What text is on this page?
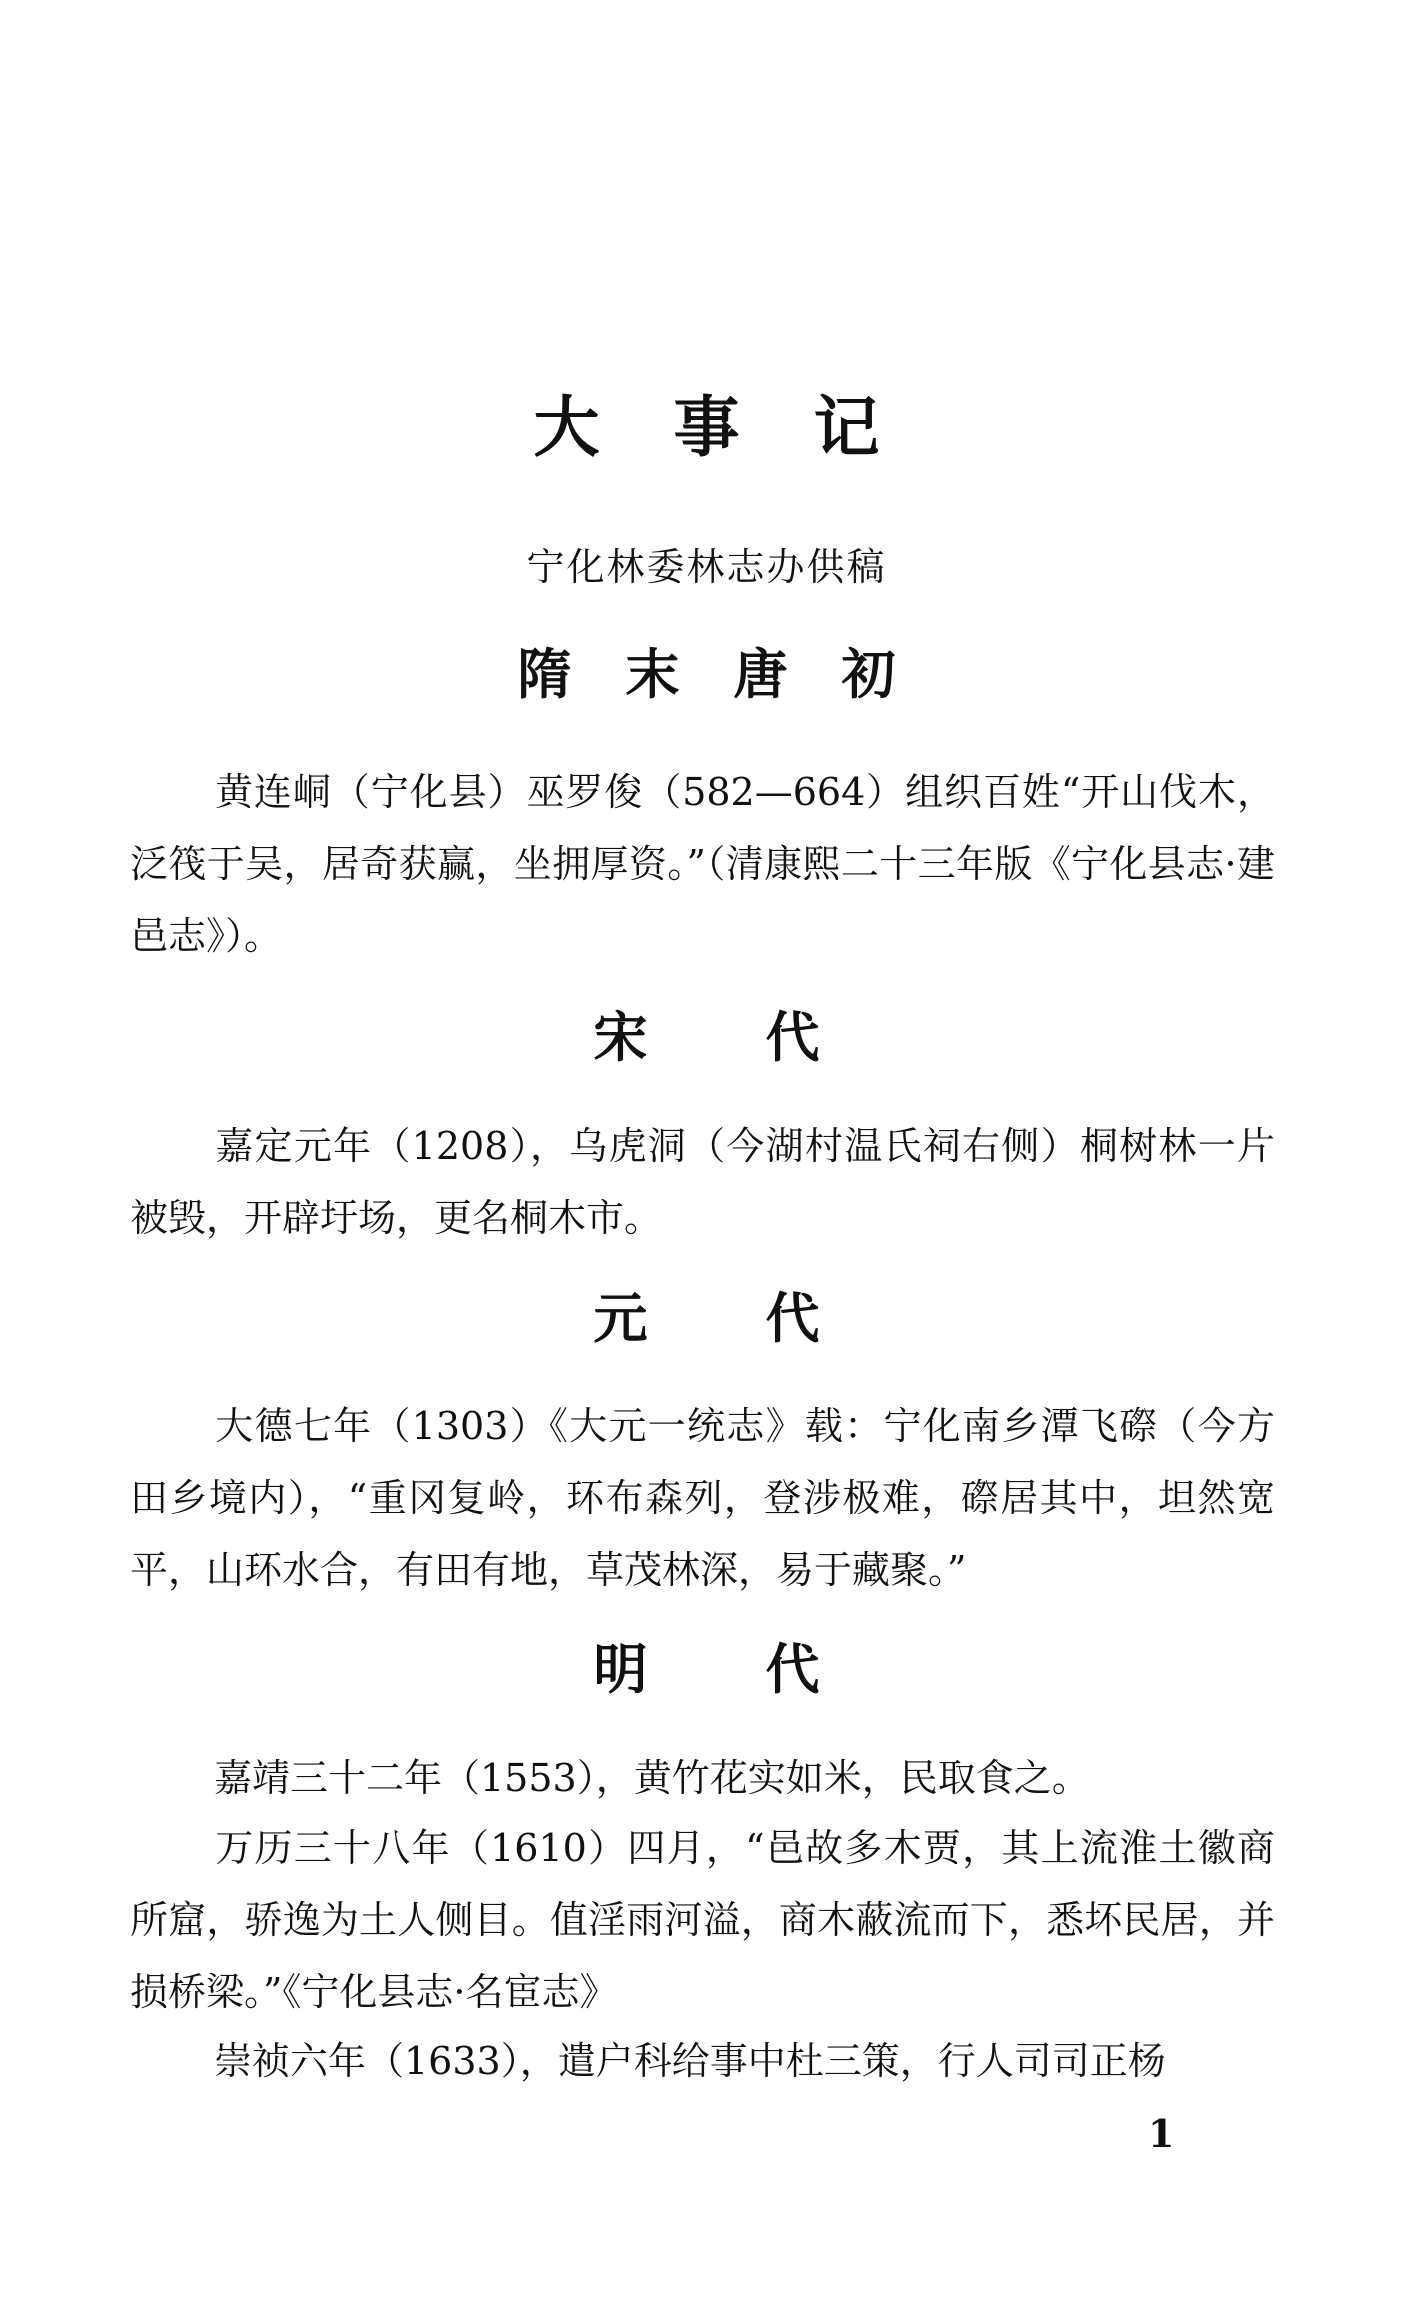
大事记
宁化林委林志办供稿
隋末唐初

黄连峒（宁化县）巫罗俊（582—664）组织百姓“开山伐木，泛筏于吴，居奇获赢，坐拥厚资。”（清康熙二十三年版《宁化县志·建邑志》）。

宋代

嘉定元年（1208），乌虎洞（今湖村温氏祠右侧）桐树林一片被毁，开辟圩场，更名桐木市。

元代

大德七年（1303）《大元一统志》载：宁化南乡潭飞磜（今方田乡境内），“重冈复岭，环布森列，登涉极难，磜居其中，坦然宽平，山环水合，有田有地，草茂林深，易于藏聚。”

明代

嘉靖三十二年（1553），黄竹花实如米，民取食之。

万历三十八年（1610）四月，“邑故多木贾，其上流淮土徽商所窟，骄逸为土人侧目。值淫雨河溢，商木蔽流而下，悉坏民居，并损桥梁。”《宁化县志·名宦志》

崇祯六年（1633），遣户科给事中杜三策，行人司司正杨

1
